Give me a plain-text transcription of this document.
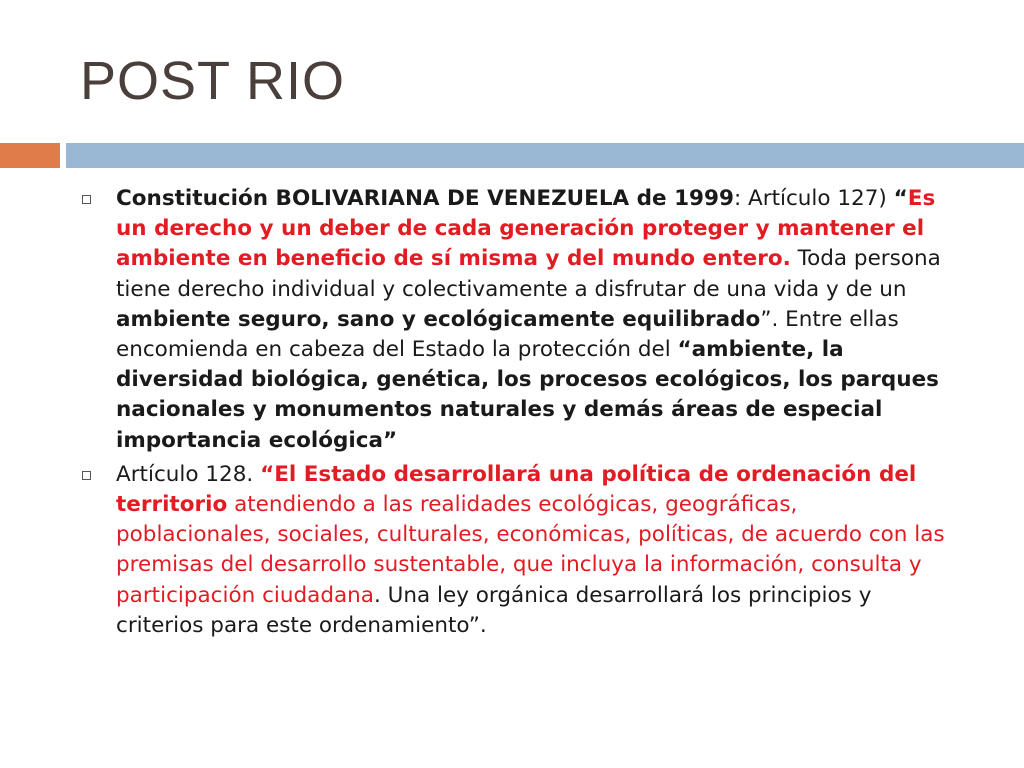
POST RIO
Constitución BOLIVARIANA DE VENEZUELA de 1999: Artículo 127) “Es un derecho y un deber de cada generación proteger y mantener el ambiente en beneficio de sí misma y del mundo entero. Toda persona tiene derecho individual y colectivamente a disfrutar de una vida y de un ambiente seguro, sano y ecológicamente equilibrado”. Entre ellas encomienda en cabeza del Estado la protección del “ambiente, la diversidad biológica, genética, los procesos ecológicos, los parques nacionales y monumentos naturales y demás áreas de especial importancia ecológica”
Artículo 128. “El Estado desarrollará una política de ordenación del territorio atendiendo a las realidades ecológicas, geográficas, poblacionales, sociales, culturales, económicas, políticas, de acuerdo con las premisas del desarrollo sustentable, que incluya la información, consulta y participación ciudadana. Una ley orgánica desarrollará los principios y criterios para este ordenamiento”.
